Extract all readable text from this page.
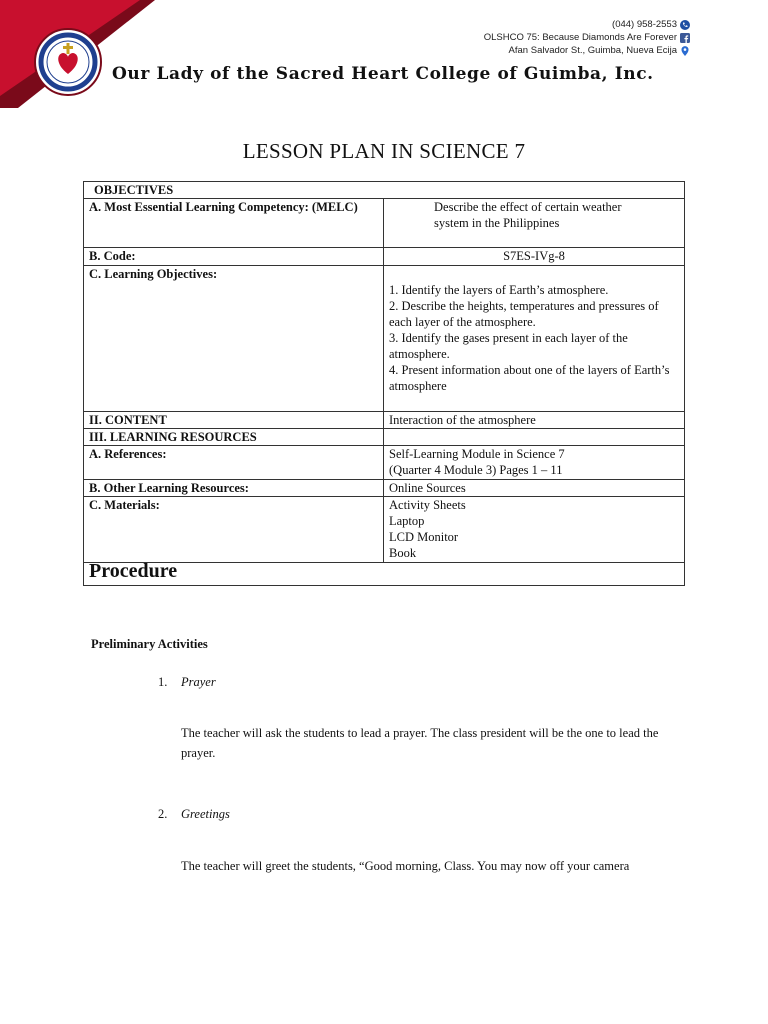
Our Lady of the Sacred Heart College of Guimba, Inc.
(044) 958-2553
OLSHCO 75: Because Diamonds Are Forever
Afan Salvador St., Guimba, Nueva Ecija
LESSON PLAN IN SCIENCE 7
OBJECTIVES	
A. Most Essential Learning Competency: (MELC)	Describe the effect of certain weather system in the Philippines
B. Code:	S7ES-IVg-8
C. Learning Objectives:	1. Identify the layers of Earth’s atmosphere.
2. Describe the heights, temperatures and pressures of each layer of the atmosphere.
3. Identify the gases present in each layer of the atmosphere.
4. Present information about one of the layers of Earth’s atmosphere

II. CONTENT	Interaction of the atmosphere
III. LEARNING RESOURCES	
A. References:	Self-Learning Module in Science 7
(Quarter 4 Module 3) Pages 1 – 11

B. Other Learning Resources:	Online Sources
C. Materials:	Activity Sheets
Laptop
LCD Monitor
Book

Procedure	
Preliminary Activities
1. Prayer
The teacher will ask the students to lead a prayer. The class president will be the one to lead the prayer.
2. Greetings
The teacher will greet the students, “Good morning, Class. You may now off your camera
